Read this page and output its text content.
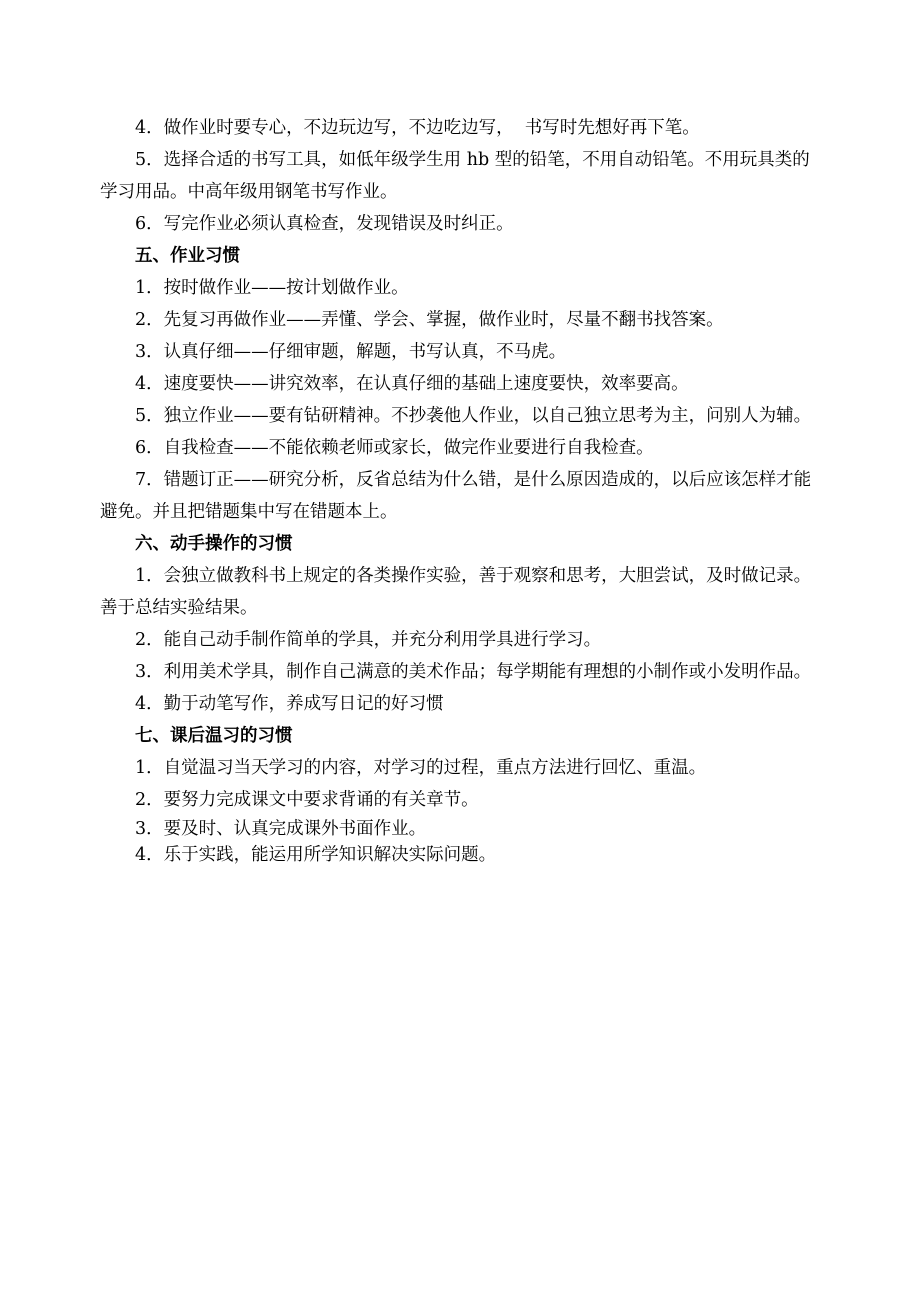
4．做作业时要专心，不边玩边写，不边吃边写，  书写时先想好再下笔。

5．选择合适的书写工具，如低年级学生用 hb 型的铅笔，不用自动铅笔。不用玩具类的学习用品。中高年级用钢笔书写作业。

6．写完作业必须认真检查，发现错误及时纠正。

五、作业习惯

1．按时做作业——按计划做作业。

2．先复习再做作业——弄懂、学会、掌握，做作业时，尽量不翻书找答案。

3．认真仔细——仔细审题，解题，书写认真，不马虎。

4．速度要快——讲究效率，在认真仔细的基础上速度要快，效率要高。

5．独立作业——要有钻研精神。不抄袭他人作业，以自己独立思考为主，问别人为辅。

6．自我检查——不能依赖老师或家长，做完作业要进行自我检查。

7．错题订正——研究分析，反省总结为什么错，是什么原因造成的，以后应该怎样才能避免。并且把错题集中写在错题本上。

六、动手操作的习惯

1．会独立做教科书上规定的各类操作实验，善于观察和思考，大胆尝试，及时做记录。善于总结实验结果。

2．能自己动手制作简单的学具，并充分利用学具进行学习。

3．利用美术学具，制作自己满意的美术作品；每学期能有理想的小制作或小发明作品。

4．勤于动笔写作，养成写日记的好习惯

七、课后温习的习惯

1．自觉温习当天学习的内容，对学习的过程，重点方法进行回忆、重温。

2．要努力完成课文中要求背诵的有关章节。

3．要及时、认真完成课外书面作业。

4．乐于实践，能运用所学知识解决实际问题。
